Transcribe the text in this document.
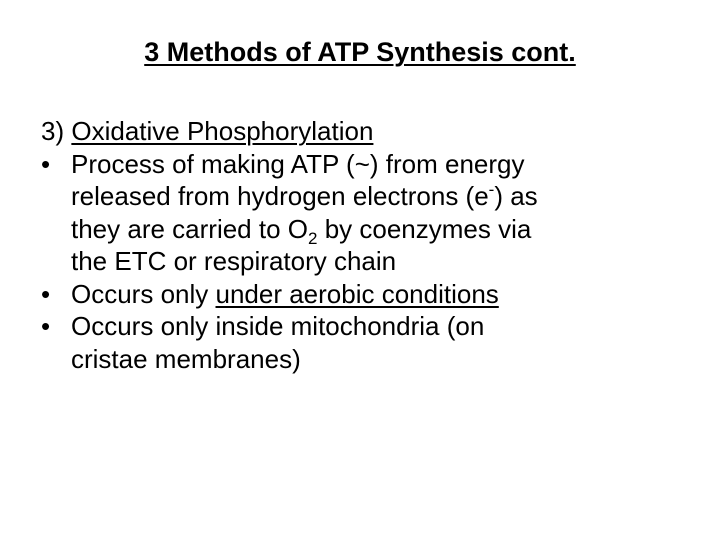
3 Methods of ATP Synthesis cont.
3) Oxidative Phosphorylation
• Process of making ATP (~) from energy
released from hydrogen electrons (e-) as
they are carried to $O_2$ by coenzymes via
the ETC or respiratory chain
• Occurs only under aerobic conditions
• Occurs only inside mitochondria (on
cristae membranes)
